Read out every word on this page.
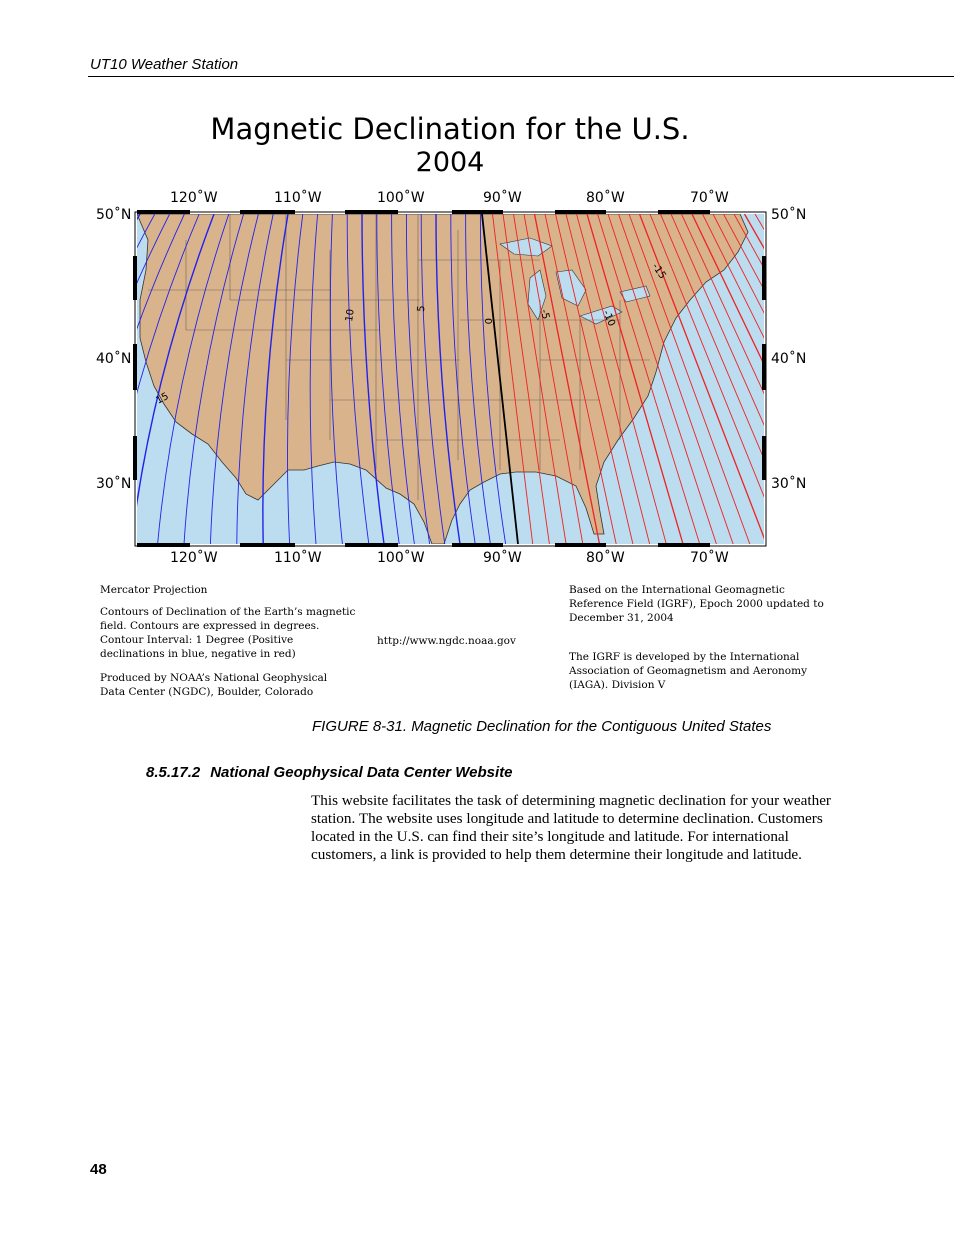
UT10 Weather Station
Magnetic Declination for the U.S.
2004
120˚W	110˚W	100˚W	90˚W	80˚W	70˚W
120˚W	110˚W	100˚W	90˚W	80˚W	70˚W
50˚N
40˚N
30˚N
50˚N
40˚N
30˚N
15
10	5
0
-5	-10
-15
Mercator Projection
Contours of Declination of the Earth’s magnetic
field. Contours are expressed in degrees.
Contour Interval: 1 Degree (Positive
declinations in blue, negative in red)
Produced by NOAA’s National Geophysical
Data Center (NGDC), Boulder, Colorado
http://www.ngdc.noaa.gov
Based on the International Geomagnetic
Reference Field (IGRF), Epoch 2000 updated to
December 31, 2004
The IGRF is developed by the International
Association of Geomagnetism and Aeronomy
(IAGA). Division V
FIGURE 8-31. Magnetic Declination for the Contiguous United States
8.5.17.2 National Geophysical Data Center Website
This website facilitates the task of determining magnetic declination for your weather station. The website uses longitude and latitude to determine declination. Customers located in the U.S. can find their site’s longitude and latitude. For international customers, a link is provided to help them determine their longitude and latitude.
48
